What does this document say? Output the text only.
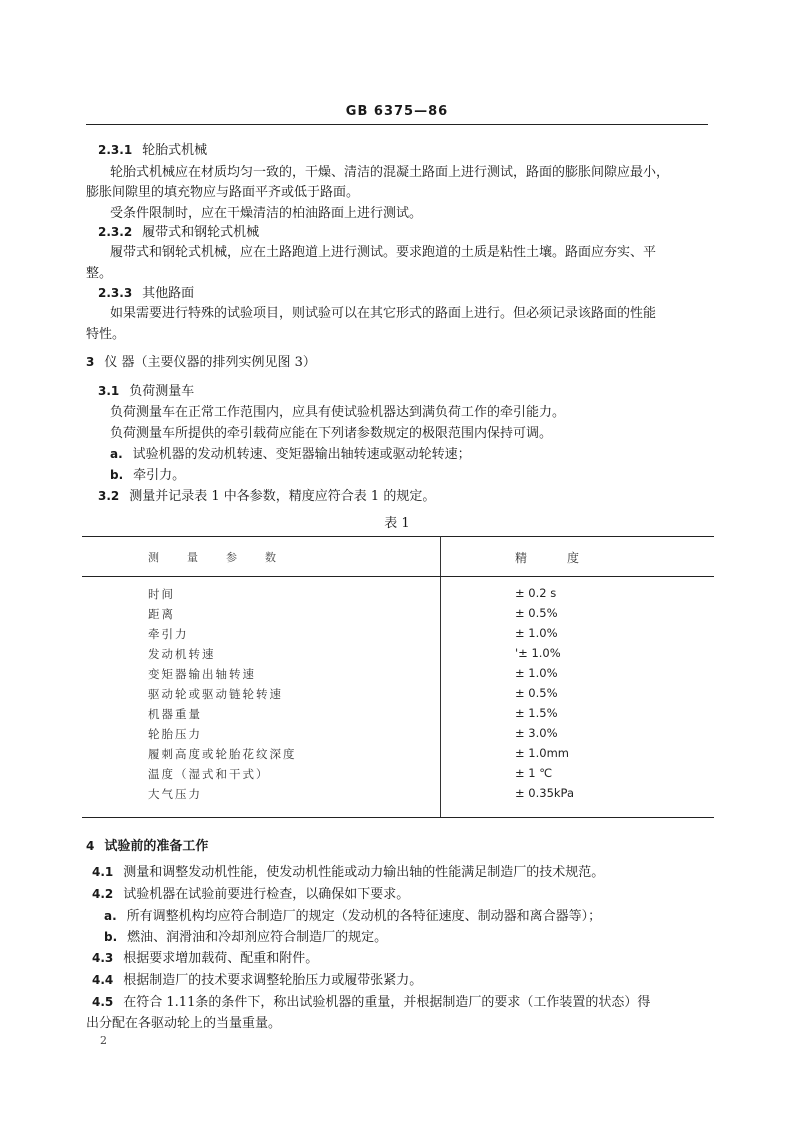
GB 6375—86
2.3.1 轮胎式机械
轮胎式机械应在材质均匀一致的，干燥、清洁的混凝土路面上进行测试，路面的膨胀间隙应最小，
膨胀间隙里的填充物应与路面平齐或低于路面。
受条件限制时，应在干燥清洁的柏油路面上进行测试。
2.3.2 履带式和钢轮式机械
履带式和钢轮式机械，应在土路跑道上进行测试。要求跑道的土质是粘性土壤。路面应夯实、平
整。
2.3.3 其他路面
如果需要进行特殊的试验项目，则试验可以在其它形式的路面上进行。但必须记录该路面的性能
特性。
3 仪 器（主要仪器的排列实例见图 3）
3.1 负荷测量车
负荷测量车在正常工作范围内，应具有使试验机器达到满负荷工作的牵引能力。
负荷测量车所提供的牵引载荷应能在下列诸参数规定的极限范围内保持可调。
a. 试验机器的发动机转速、变矩器输出轴转速或驱动轮转速；
b. 牵引力。
3.2 测量并记录表 1 中各参数，精度应符合表 1 的规定。
表 1
测量参数	精度
时间	± 0.2 s
距离	± 0.5%
牵引力	± 1.0%
发动机转速	'± 1.0%
变矩器输出轴转速	± 1.0%
驱动轮或驱动链轮转速	± 0.5%
机器重量	± 1.5%
轮胎压力	± 3.0%
履刺高度或轮胎花纹深度	± 1.0mm
温度（湿式和干式）	± 1 ℃
大气压力	± 0.35kPa
4 试验前的准备工作
4.1 测量和调整发动机性能，使发动机性能或动力输出轴的性能满足制造厂的技术规范。
4.2 试验机器在试验前要进行检查，以确保如下要求。
a. 所有调整机构均应符合制造厂的规定（发动机的各特征速度、制动器和离合器等）；
b. 燃油、润滑油和冷却剂应符合制造厂的规定。
4.3 根据要求增加载荷、配重和附件。
4.4 根据制造厂的技术要求调整轮胎压力或履带张紧力。
4.5 在符合 1.11条的条件下，称出试验机器的重量，并根据制造厂的要求（工作装置的状态）得
出分配在各驱动轮上的当量重量。
2
